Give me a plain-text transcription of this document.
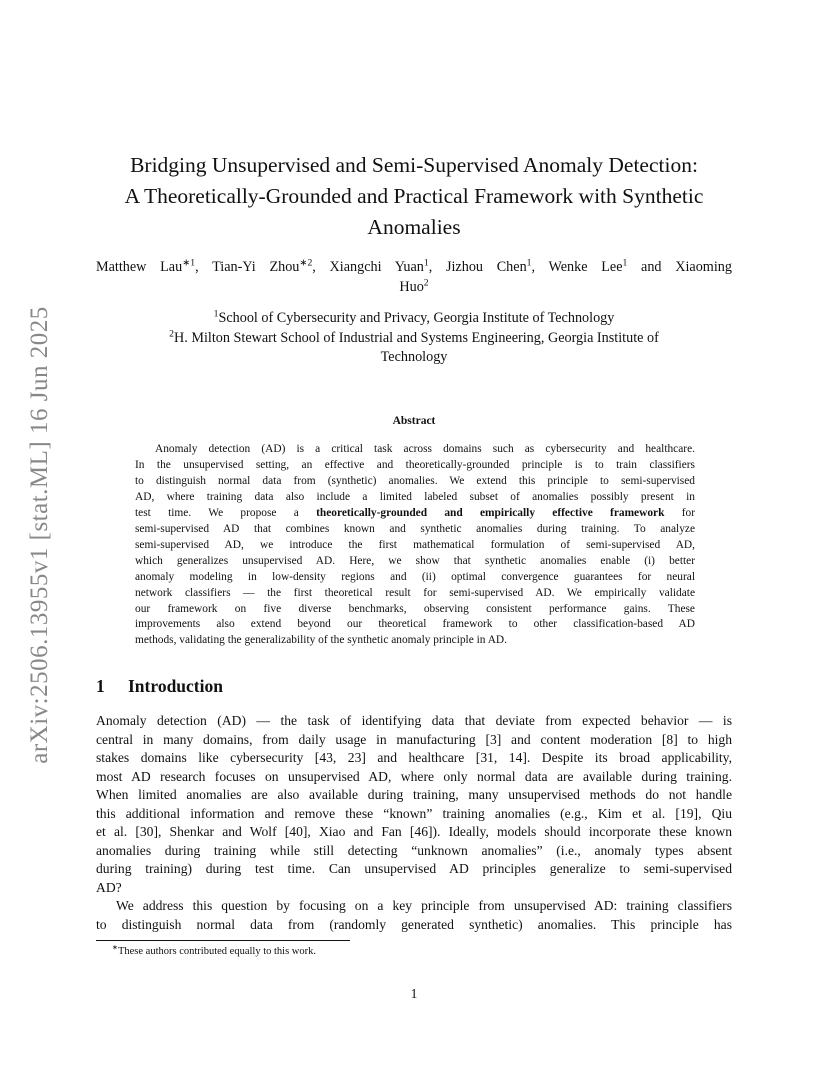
arXiv:2506.13955v1 [stat.ML] 16 Jun 2025
Bridging Unsupervised and Semi-Supervised Anomaly Detection:
A Theoretically-Grounded and Practical Framework with Synthetic
Anomalies
Matthew Lau$^{∗1}$, Tian-Yi Zhou$^{∗2}$, Xiangchi Yuan$^1$, Jizhou Chen$^1$, Wenke Lee$^1$ and Xiaoming
Huo$^2$
$^1$School of Cybersecurity and Privacy, Georgia Institute of Technology
$^2$H. Milton Stewart School of Industrial and Systems Engineering, Georgia Institute of
Technology
Abstract
Anomaly detection (AD) is a critical task across domains such as cybersecurity and healthcare.
In the unsupervised setting, an effective and theoretically-grounded principle is to train classifiers
to distinguish normal data from (synthetic) anomalies. We extend this principle to semi-supervised
AD, where training data also include a limited labeled subset of anomalies possibly present in
test time. We propose a theoretically-grounded and empirically effective framework for
semi-supervised AD that combines known and synthetic anomalies during training. To analyze
semi-supervised AD, we introduce the first mathematical formulation of semi-supervised AD,
which generalizes unsupervised AD. Here, we show that synthetic anomalies enable (i) better
anomaly modeling in low-density regions and (ii) optimal convergence guarantees for neural
network classifiers — the first theoretical result for semi-supervised AD. We empirically validate
our framework on five diverse benchmarks, observing consistent performance gains. These
improvements also extend beyond our theoretical framework to other classification-based AD
methods, validating the generalizability of the synthetic anomaly principle in AD.
1 Introduction
Anomaly detection (AD) — the task of identifying data that deviate from expected behavior — is
central in many domains, from daily usage in manufacturing [3] and content moderation [8] to high
stakes domains like cybersecurity [43, 23] and healthcare [31, 14]. Despite its broad applicability,
most AD research focuses on unsupervised AD, where only normal data are available during training.
When limited anomalies are also available during training, many unsupervised methods do not handle
this additional information and remove these “known” training anomalies (e.g., Kim et al. [19], Qiu
et al. [30], Shenkar and Wolf [40], Xiao and Fan [46]). Ideally, models should incorporate these known
anomalies during training while still detecting “unknown anomalies” (i.e., anomaly types absent
during training) during test time. Can unsupervised AD principles generalize to semi-supervised
AD?
We address this question by focusing on a key principle from unsupervised AD: training classifiers
to distinguish normal data from (randomly generated synthetic) anomalies. This principle has
∗These authors contributed equally to this work.
1
